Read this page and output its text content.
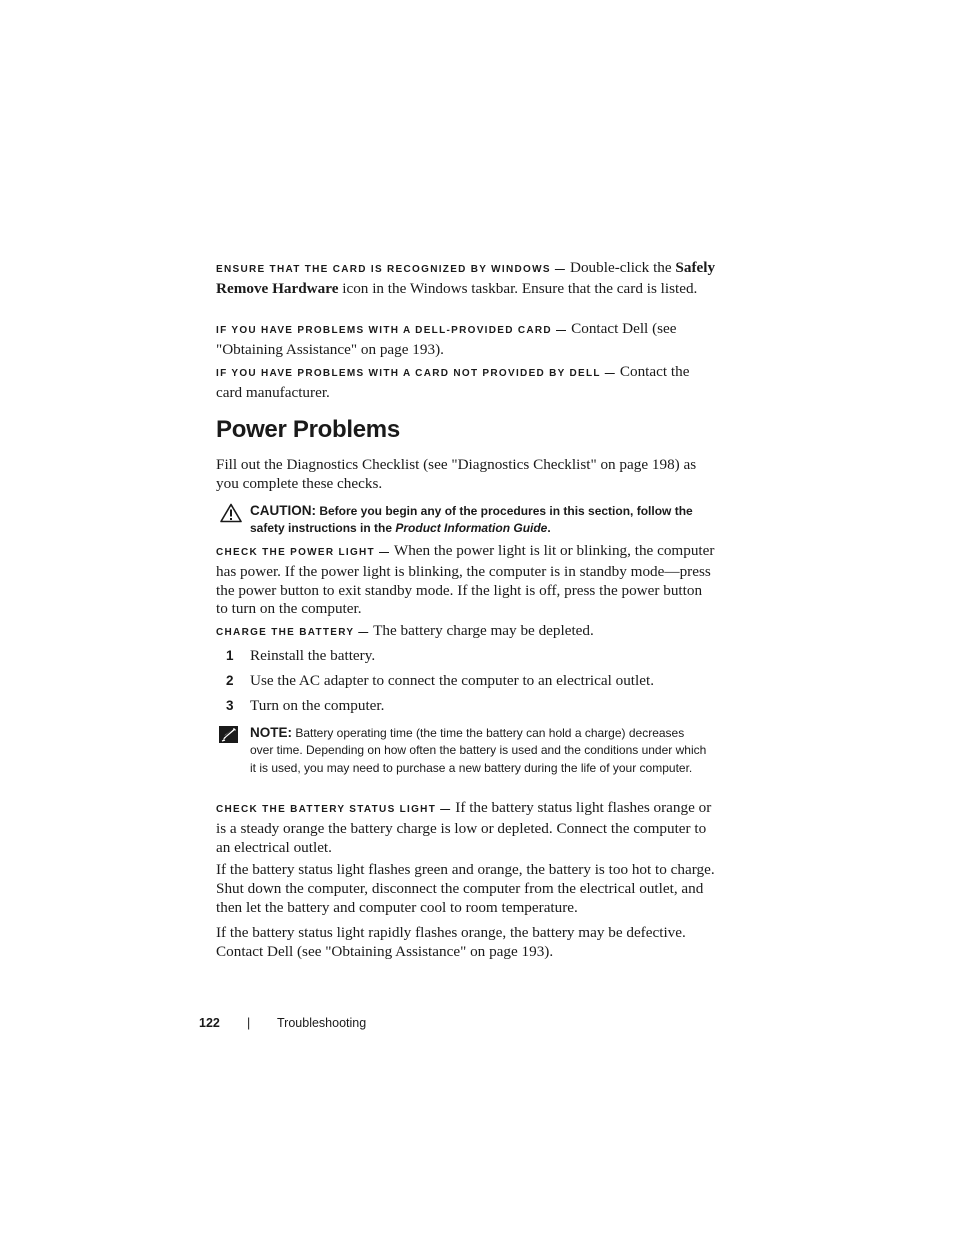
ENSURE THAT THE CARD IS RECOGNIZED BY WINDOWS — Double-click the Safely Remove Hardware icon in the Windows taskbar. Ensure that the card is listed.

IF YOU HAVE PROBLEMS WITH A DELL-PROVIDED CARD — Contact Dell (see "Obtaining Assistance" on page 193).

IF YOU HAVE PROBLEMS WITH A CARD NOT PROVIDED BY DELL — Contact the card manufacturer.

Power Problems

Fill out the Diagnostics Checklist (see "Diagnostics Checklist" on page 198) as you complete these checks.

CAUTION: Before you begin any of the procedures in this section, follow the safety instructions in the Product Information Guide.

CHECK THE POWER LIGHT — When the power light is lit or blinking, the computer has power. If the power light is blinking, the computer is in standby mode—press the power button to exit standby mode. If the light is off, press the power button to turn on the computer.

CHARGE THE BATTERY — The battery charge may be depleted.

1 Reinstall the battery.
2 Use the AC adapter to connect the computer to an electrical outlet.
3 Turn on the computer.
NOTE: Battery operating time (the time the battery can hold a charge) decreases over time. Depending on how often the battery is used and the conditions under which it is used, you may need to purchase a new battery during the life of your computer.

CHECK THE BATTERY STATUS LIGHT — If the battery status light flashes orange or is a steady orange the battery charge is low or depleted. Connect the computer to an electrical outlet.

If the battery status light flashes green and orange, the battery is too hot to charge. Shut down the computer, disconnect the computer from the electrical outlet, and then let the battery and computer cool to room temperature.

If the battery status light rapidly flashes orange, the battery may be defective. Contact Dell (see "Obtaining Assistance" on page 193).

122 | Troubleshooting
